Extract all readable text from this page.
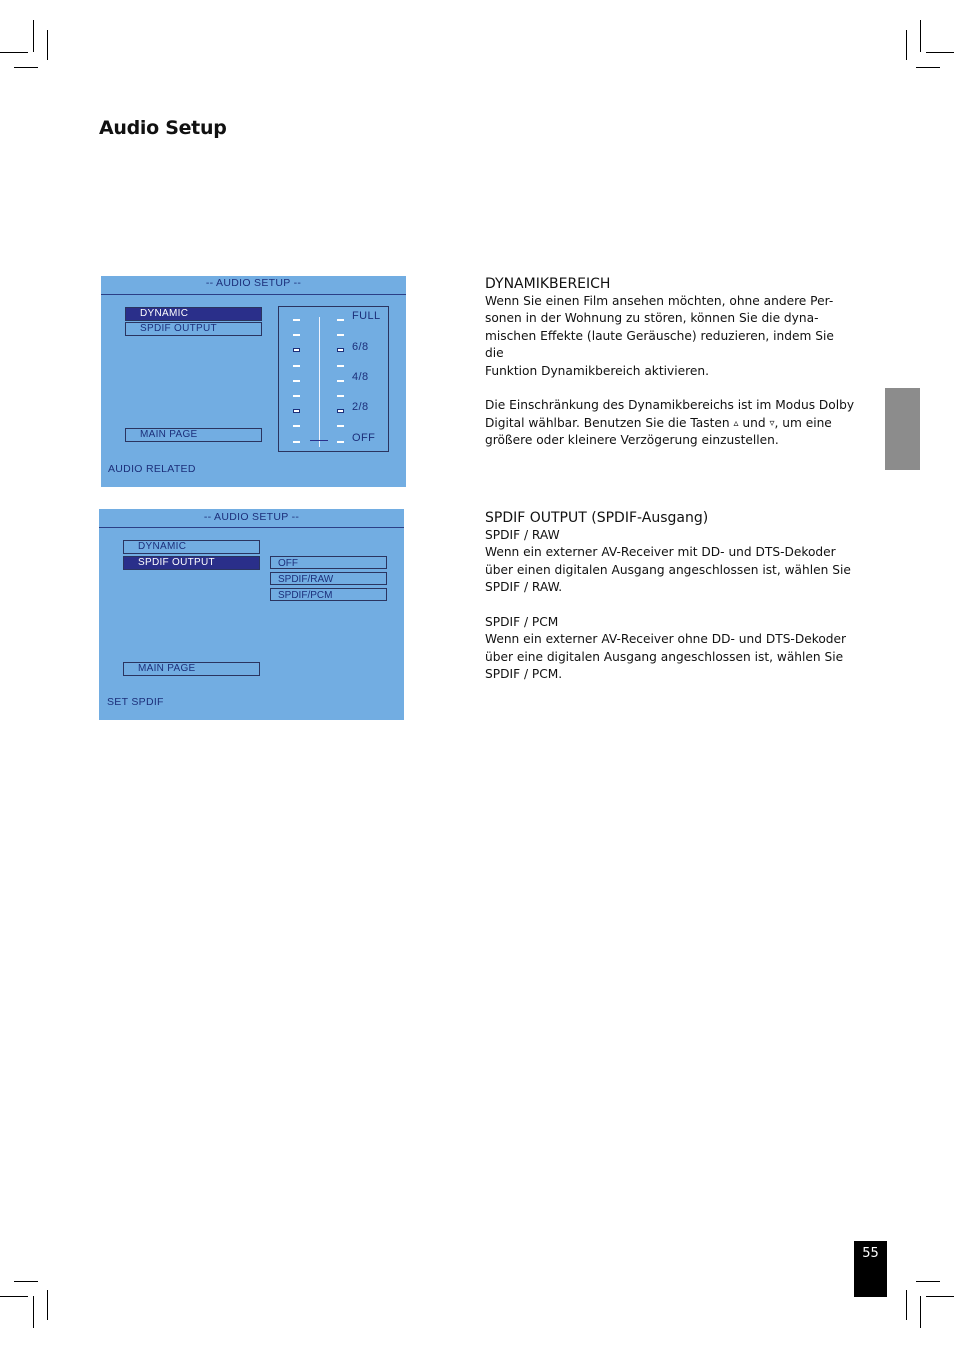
Audio Setup
-- AUDIO SETUP --
DYNAMIC
SPDIF OUTPUT
MAIN PAGE
FULL
6/8
4/8
2/8
OFF
AUDIO RELATED
-- AUDIO SETUP --
DYNAMIC
SPDIF OUTPUT
MAIN PAGE
OFF
SPDIF/RAW
SPDIF/PCM
SET SPDIF
DYNAMIKBEREICH

Wenn Sie einen Film ansehen möchten, ohne andere Per-

sonen in der Wohnung zu stören, können Sie die dyna-

mischen Effekte (laute Geräusche) reduzieren, indem Sie die

Funktion Dynamikbereich aktivieren.

Die Einschränkung des Dynamikbereichs ist im Modus Dolby

Digital wählbar. Benutzen Sie die Tasten ▵ und ▿, um eine

größere oder kleinere Verzögerung einzustellen.

SPDIF OUTPUT (SPDIF-Ausgang)

SPDIF / RAW

Wenn ein externer AV-Receiver mit DD- und DTS-Dekoder

über einen digitalen Ausgang angeschlossen ist, wählen Sie

SPDIF / RAW.

SPDIF / PCM

Wenn ein externer AV-Receiver ohne DD- und DTS-Dekoder

über eine digitalen Ausgang angeschlossen ist, wählen Sie

SPDIF / PCM.

55
